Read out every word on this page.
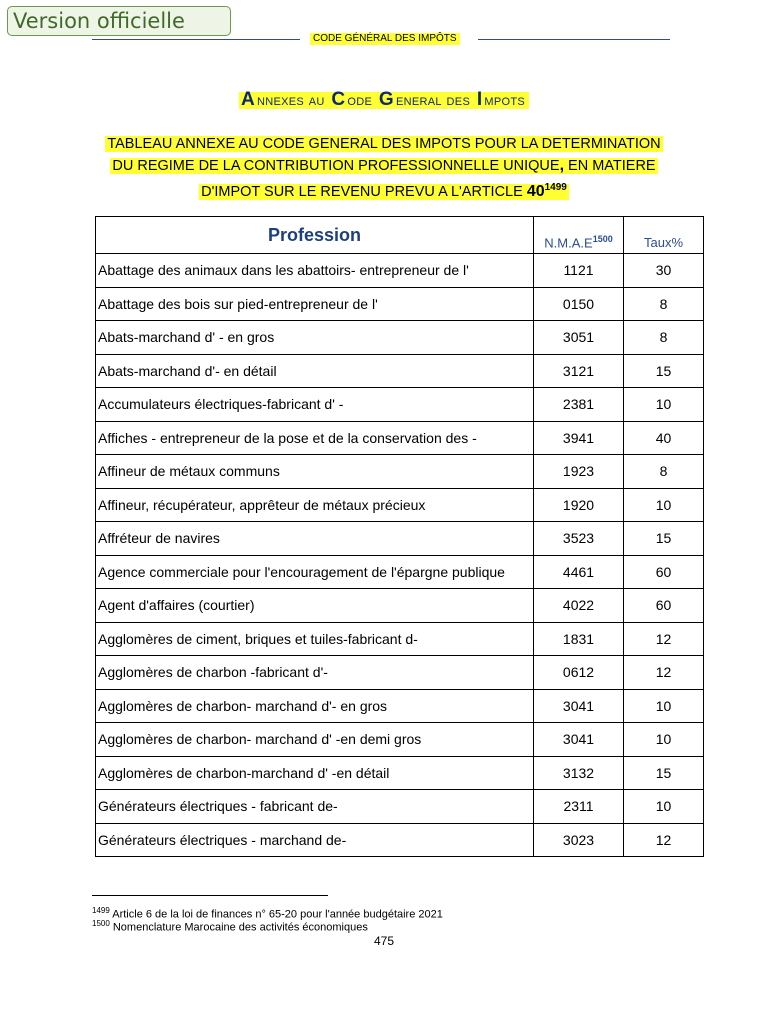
Version officielle
CODE GÉNÉRAL DES IMPÔTS
A nnexes au C ode G eneral des I mpots
TABLEAU ANNEXE AU CODE GENERAL DES IMPOTS POUR LA DETERMINATION
DU REGIME DE LA CONTRIBUTION PROFESSIONNELLE UNIQUE, EN MATIERE
D'IMPOT SUR LE REVENU PREVU A L'ARTICLE $40^{1499}$
Profession	$N.M.A.E^{1500}$	Taux%
Abattage des animaux dans les abattoirs- entrepreneur de l'	1121	30
Abattage des bois sur pied-entrepreneur de l'	0150	8
Abats-marchand d' - en gros	3051	8
Abats-marchand d'- en détail	3121	15
Accumulateurs électriques-fabricant d' -	2381	10
Affiches - entrepreneur de la pose et de la conservation des -	3941	40
Affineur de métaux communs	1923	8
Affineur, récupérateur, apprêteur de métaux précieux	1920	10
Affréteur de navires	3523	15
Agence commerciale pour l'encouragement de l'épargne publique	4461	60
Agent d'affaires (courtier)	4022	60
Agglomères de ciment, briques et tuiles-fabricant d-	1831	12
Agglomères de charbon -fabricant d'-	0612	12
Agglomères de charbon- marchand d'- en gros	3041	10
Agglomères de charbon- marchand d' -en demi gros	3041	10
Agglomères de charbon-marchand d' -en détail	3132	15
Générateurs électriques - fabricant de-	2311	10
Générateurs électriques - marchand de-	3023	12
$^{1499}$ Article 6 de la loi de finances n° 65-20 pour l'année budgétaire 2021
$^{1500}$ Nomenclature Marocaine des activités économiques
475
